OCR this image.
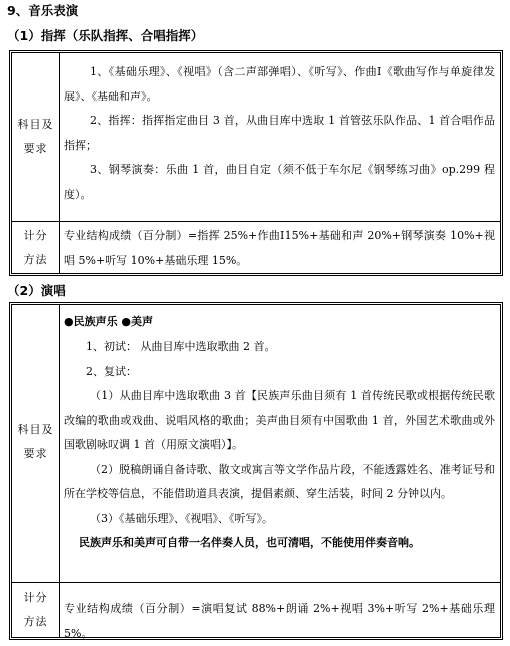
9、音乐表演
（1）指挥（乐队指挥、合唱指挥）
科目及
要求

1、《基础乐理》、《视唱》（含二声部弹唱）、《听写》、作曲Ⅰ《歌曲写作与单旋律发展》、《基础和声》。

2、指挥：指挥指定曲目 3 首，从曲目库中选取 1 首管弦乐队作品、1 首合唱作品指挥；

3、钢琴演奏：乐曲 1 首，曲目自定（须不低于车尔尼《钢琴练习曲》op.299 程度）。

计分
方法
专业结构成绩（百分制）=指挥 25%+作曲Ⅰ15%+基础和声 20%+钢琴演奏 10%+视唱 5%+听写 10%+基础乐理 15%。
（2）演唱
科目及
要求

●民族声乐 ●美声

1、初试： 从曲目库中选取歌曲 2 首。

2、复试：

（1）从曲目库中选取歌曲 3 首【民族声乐曲目须有 1 首传统民歌或根据传统民歌改编的歌曲或戏曲、说唱风格的歌曲；美声曲目须有中国歌曲 1 首，外国艺术歌曲或外国歌剧咏叹调 1 首（用原文演唱）】。

（2）脱稿朗诵自备诗歌、散文或寓言等文学作品片段，不能透露姓名、准考证号和所在学校等信息，不能借助道具表演，提倡素颜、穿生活装，时间 2 分钟以内。

（3）《基础乐理》、《视唱》、《听写》。

民族声乐和美声可自带一名伴奏人员，也可清唱，不能使用伴奏音响。

计分
方法
专业结构成绩（百分制）=演唱复试 88%+朗诵 2%+视唱 3%+听写 2%+基础乐理 5%。
